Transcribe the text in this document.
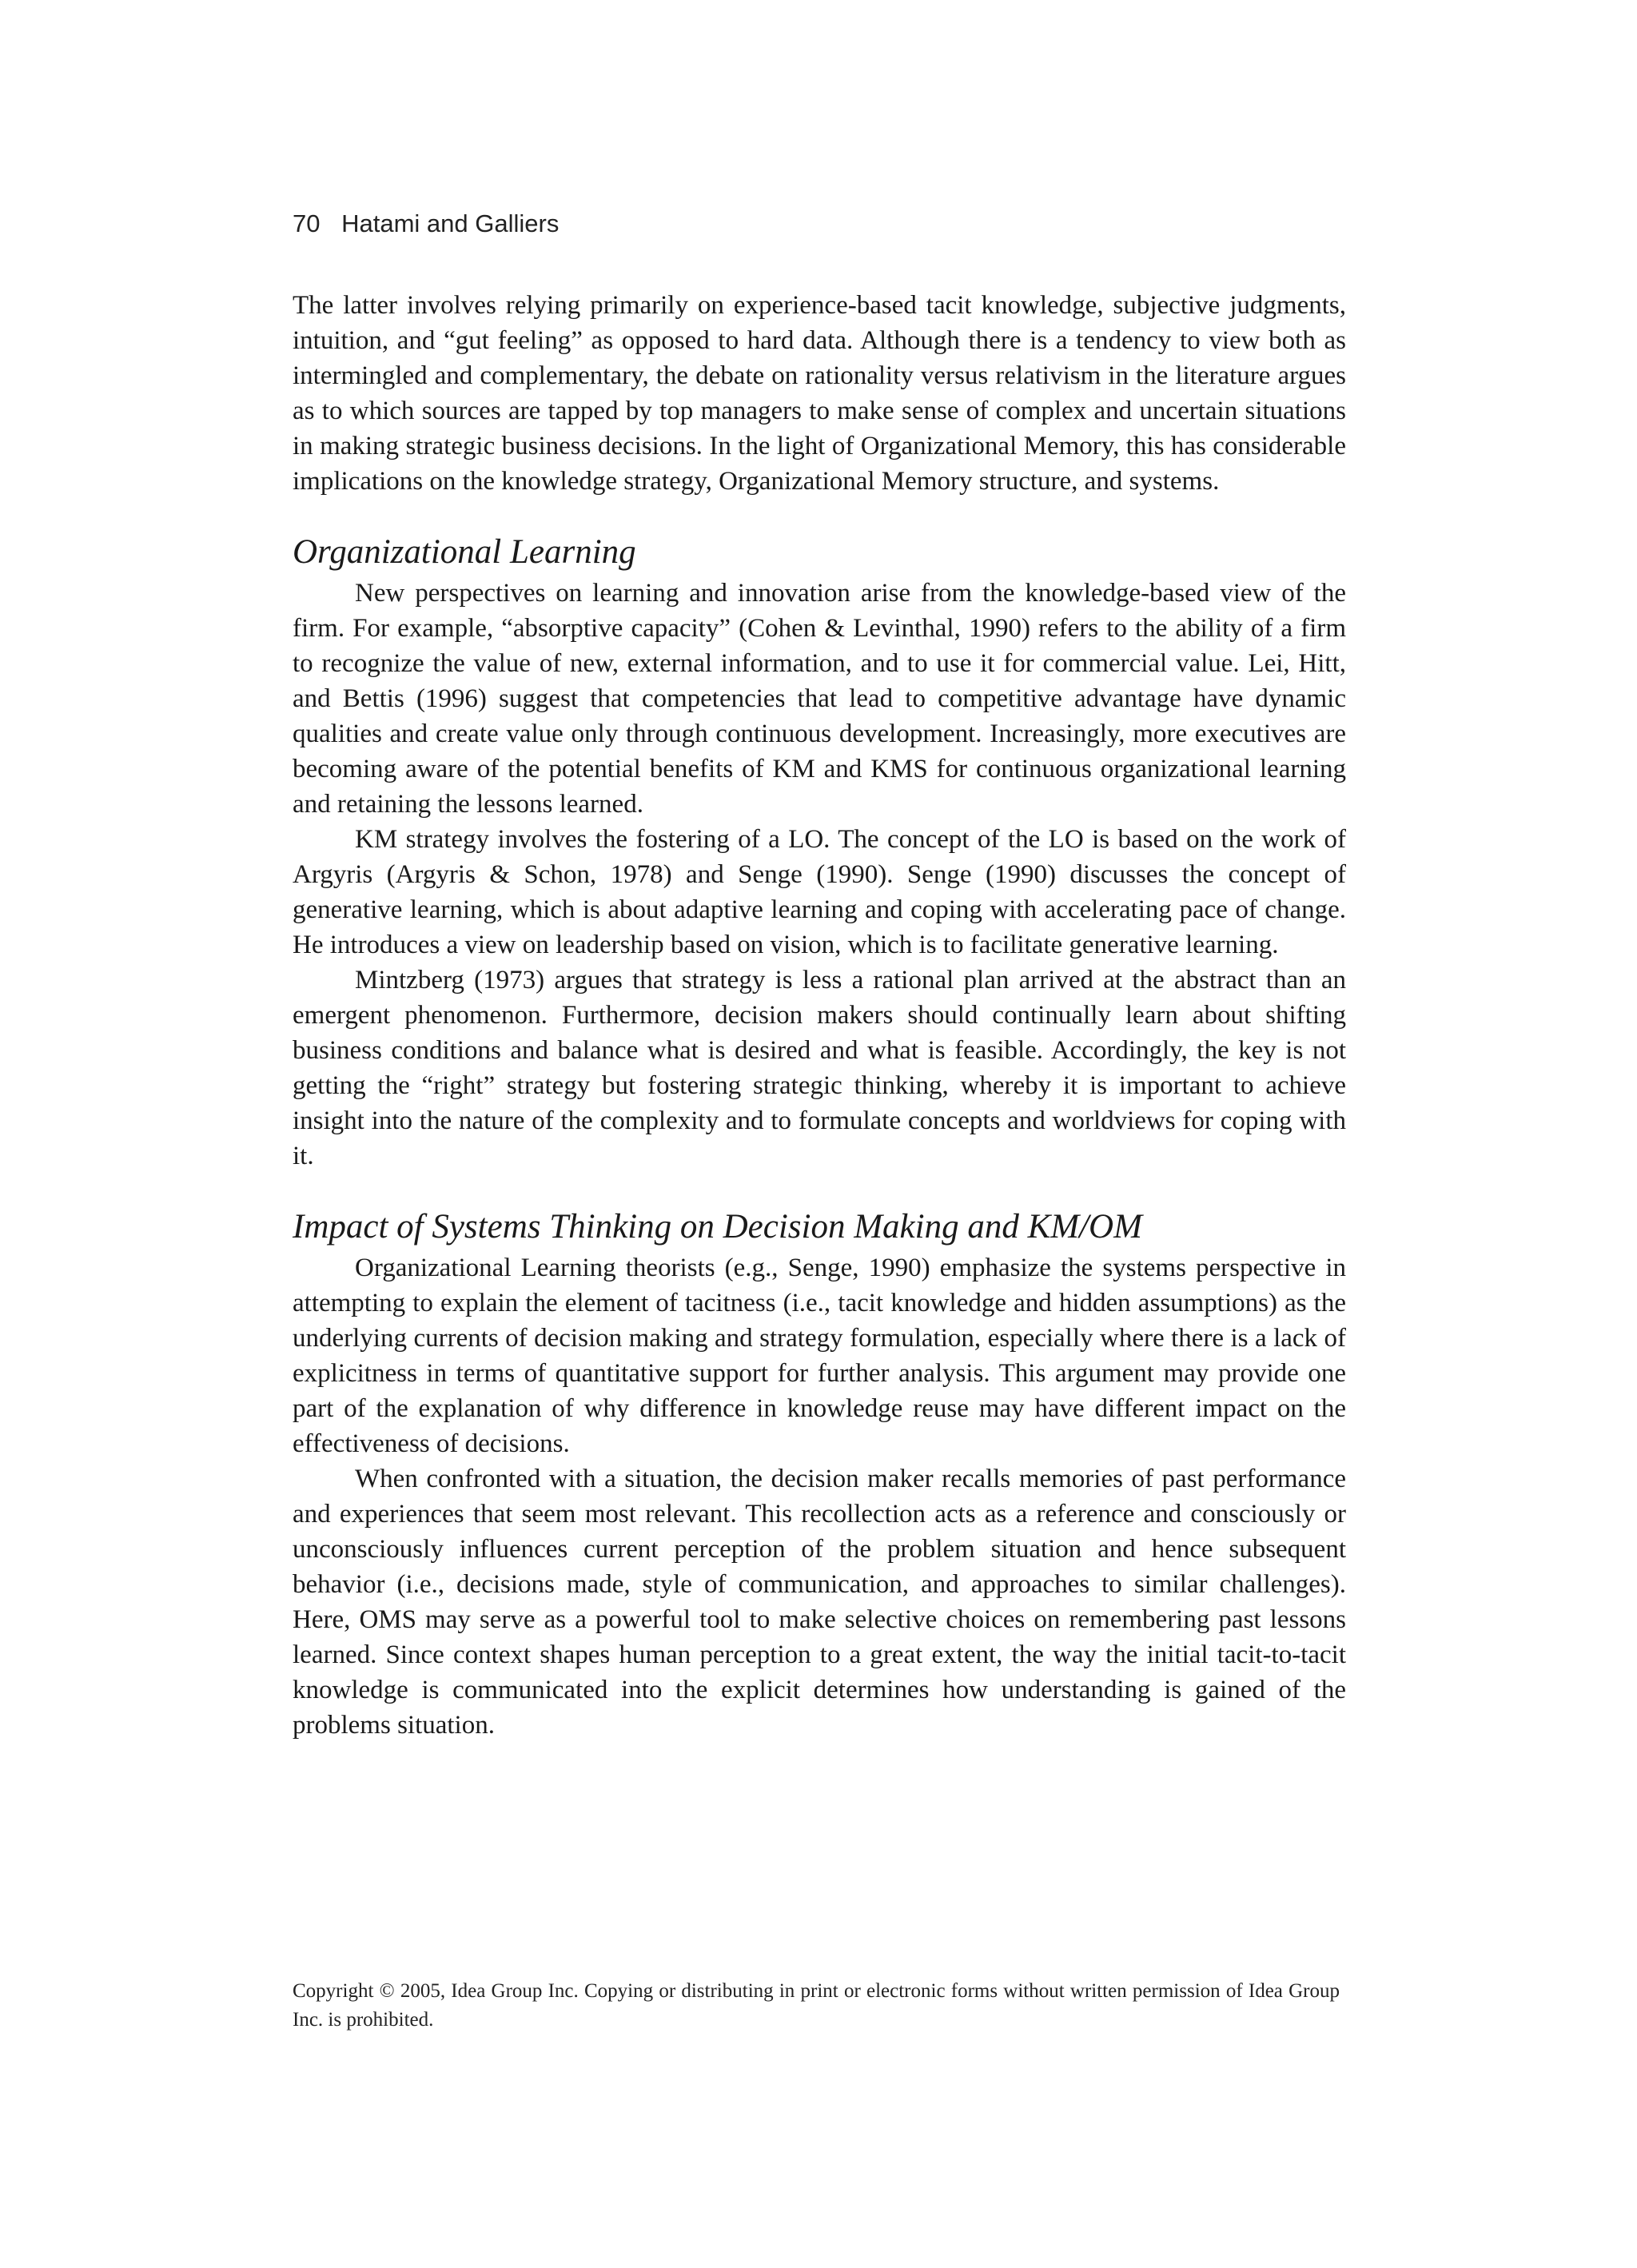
70 Hatami and Galliers

The latter involves relying primarily on experience-based tacit knowledge, subjective judgments, intuition, and “gut feeling” as opposed to hard data. Although there is a tendency to view both as intermingled and complementary, the debate on rationality versus relativism in the literature argues as to which sources are tapped by top managers to make sense of complex and uncertain situations in making strategic business decisions. In the light of Organizational Memory, this has considerable implications on the knowledge strategy, Organizational Memory structure, and systems.

Organizational Learning

New perspectives on learning and innovation arise from the knowledge-based view of the firm. For example, “absorptive capacity” (Cohen & Levinthal, 1990) refers to the ability of a firm to recognize the value of new, external information, and to use it for commercial value. Lei, Hitt, and Bettis (1996) suggest that competencies that lead to competitive advantage have dynamic qualities and create value only through continuous development. Increasingly, more executives are becoming aware of the potential benefits of KM and KMS for continuous organizational learning and retaining the lessons learned.

KM strategy involves the fostering of a LO. The concept of the LO is based on the work of Argyris (Argyris & Schon, 1978) and Senge (1990). Senge (1990) discusses the concept of generative learning, which is about adaptive learning and coping with accelerating pace of change. He introduces a view on leadership based on vision, which is to facilitate generative learning.

Mintzberg (1973) argues that strategy is less a rational plan arrived at the abstract than an emergent phenomenon. Furthermore, decision makers should continually learn about shifting business conditions and balance what is desired and what is feasible. Accordingly, the key is not getting the “right” strategy but fostering strategic thinking, whereby it is important to achieve insight into the nature of the complexity and to formulate concepts and worldviews for coping with it.

Impact of Systems Thinking on Decision Making and KM/OM

Organizational Learning theorists (e.g., Senge, 1990) emphasize the systems perspective in attempting to explain the element of tacitness (i.e., tacit knowledge and hidden assumptions) as the underlying currents of decision making and strategy formulation, especially where there is a lack of explicitness in terms of quantitative support for further analysis. This argument may provide one part of the explanation of why difference in knowledge reuse may have different impact on the effectiveness of decisions.

When confronted with a situation, the decision maker recalls memories of past performance and experiences that seem most relevant. This recollection acts as a reference and consciously or unconsciously influences current perception of the problem situation and hence subsequent behavior (i.e., decisions made, style of communication, and approaches to similar challenges). Here, OMS may serve as a powerful tool to make selective choices on remembering past lessons learned. Since context shapes human perception to a great extent, the way the initial tacit-to-tacit knowledge is communicated into the explicit determines how understanding is gained of the problems situation.

Copyright © 2005, Idea Group Inc. Copying or distributing in print or electronic forms without written permission of Idea Group Inc. is prohibited.
